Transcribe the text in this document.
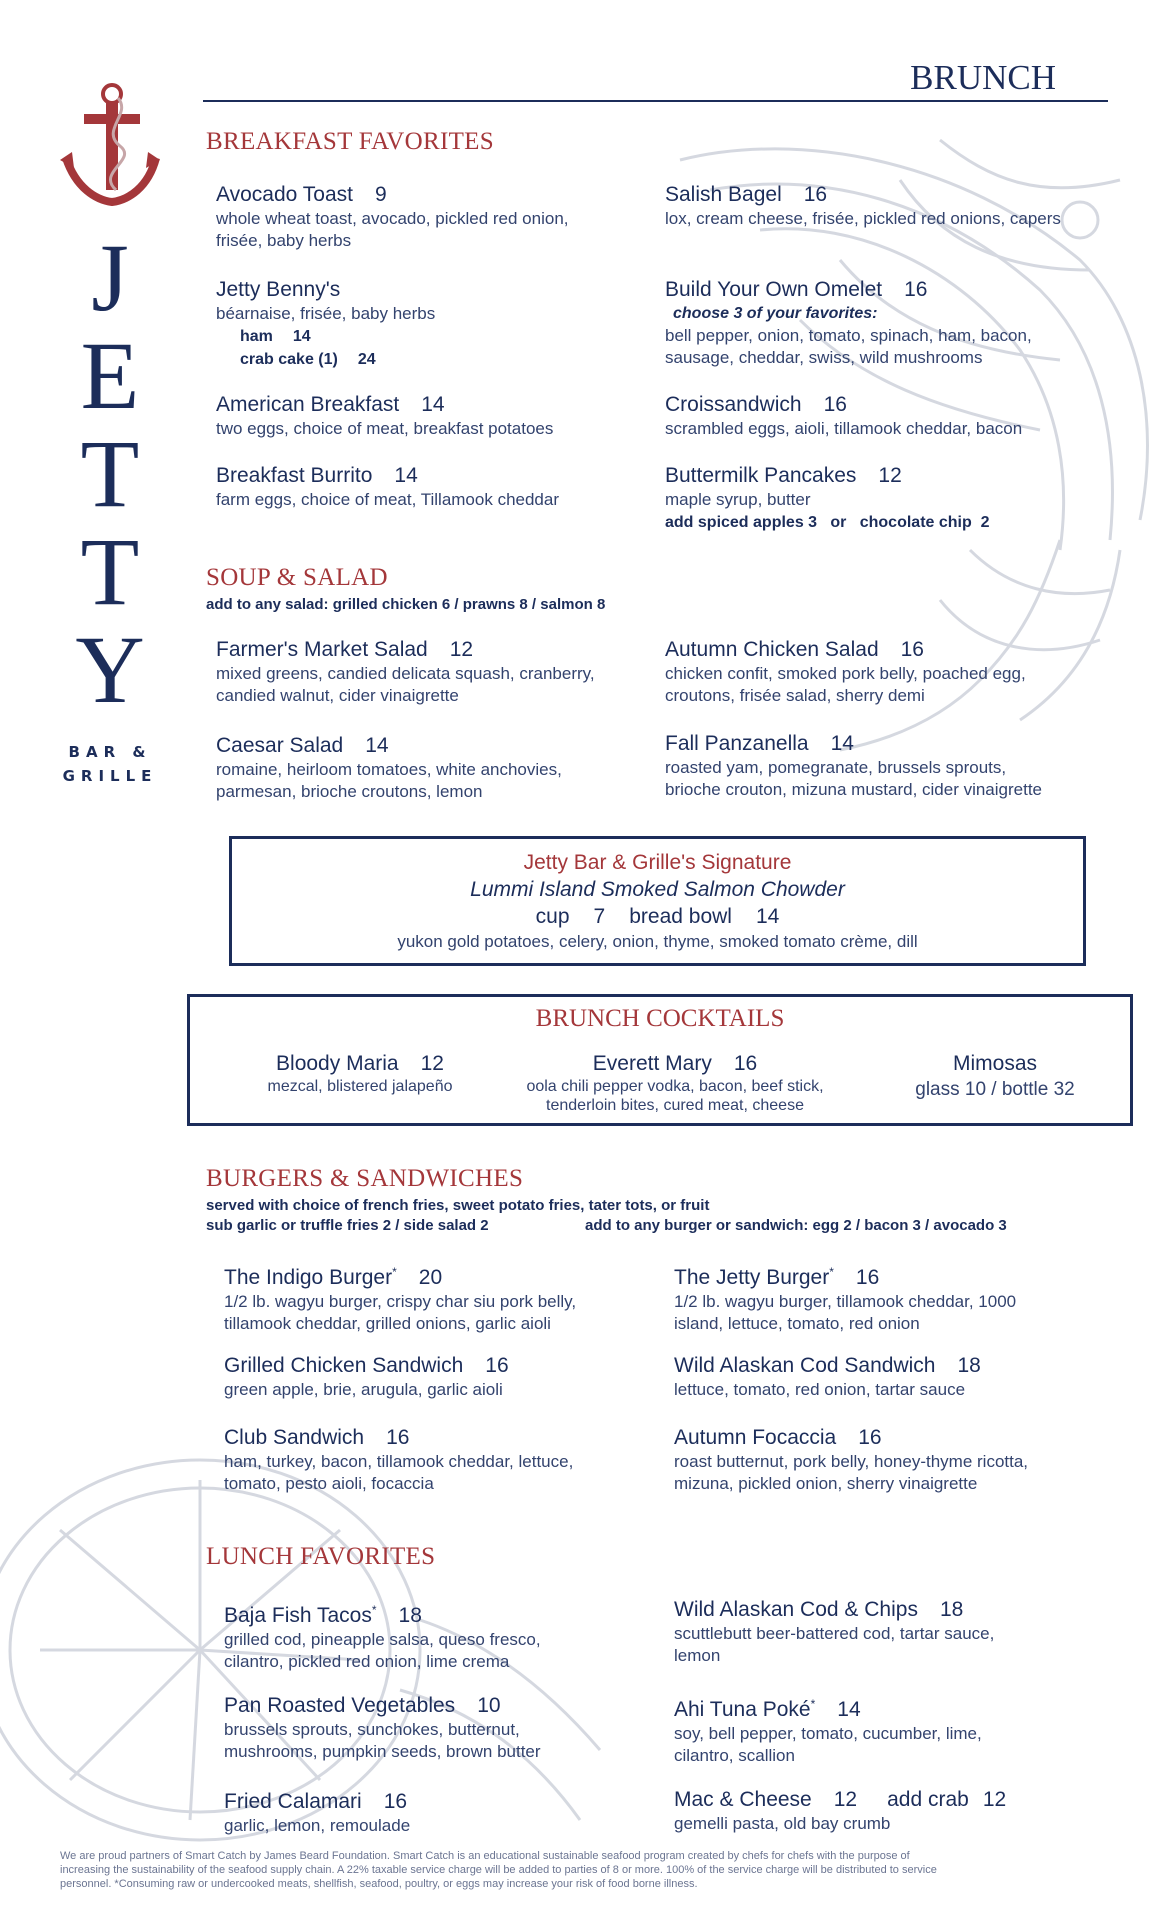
J
E
T
T
Y
BAR &
GRILLE
BRUNCH
BREAKFAST FAVORITES
Avocado Toast 9
whole wheat toast, avocado, pickled red onion,
frisée, baby herbs
Salish Bagel 16
lox, cream cheese, frisée, pickled red onions, capers
Jetty Benny's
béarnaise, frisée, baby herbs
ham 14
crab cake (1) 24
Build Your Own Omelet 16
choose 3 of your favorites:
bell pepper, onion, tomato, spinach, ham, bacon,
sausage, cheddar, swiss, wild mushrooms
American Breakfast 14
two eggs, choice of meat, breakfast potatoes
Croissandwich 16
scrambled eggs, aioli, tillamook cheddar, bacon
Breakfast Burrito 14
farm eggs, choice of meat, Tillamook cheddar
Buttermilk Pancakes 12
maple syrup, butter
add spiced apples 3   or   chocolate chip  2
SOUP & SALAD
add to any salad: grilled chicken 6 / prawns 8 / salmon 8
Farmer's Market Salad 12
mixed greens, candied delicata squash, cranberry,
candied walnut, cider vinaigrette
Autumn Chicken Salad 16
chicken confit, smoked pork belly, poached egg,
croutons, frisée salad, sherry demi
Caesar Salad 14
romaine, heirloom tomatoes, white anchovies,
parmesan, brioche croutons, lemon
Fall Panzanella 14
roasted yam, pomegranate, brussels sprouts,
brioche crouton, mizuna mustard, cider vinaigrette
Jetty Bar & Grille's Signature
Lummi Island Smoked Salmon Chowder
cup 7 bread bowl 14
yukon gold potatoes, celery, onion, thyme, smoked tomato crème, dill
BRUNCH COCKTAILS
Bloody Maria 12
mezcal, blistered jalapeño
Everett Mary 16
oola chili pepper vodka, bacon, beef stick,
tenderloin bites, cured meat, cheese
Mimosas
glass 10 / bottle 32
BURGERS & SANDWICHES
served with choice of french fries, sweet potato fries, tater tots, or fruit
sub garlic or truffle fries 2 / side salad 2	add to any burger or sandwich: egg 2 / bacon 3 / avocado 3
The Indigo Burger* 20
1/2 lb. wagyu burger, crispy char siu pork belly,
tillamook cheddar, grilled onions, garlic aioli
The Jetty Burger* 16
1/2 lb. wagyu burger, tillamook cheddar, 1000
island, lettuce, tomato, red onion
Grilled Chicken Sandwich 16
green apple, brie, arugula, garlic aioli
Wild Alaskan Cod Sandwich 18
lettuce, tomato, red onion, tartar sauce
Club Sandwich 16
ham, turkey, bacon, tillamook cheddar, lettuce,
tomato, pesto aioli, focaccia
Autumn Focaccia 16
roast butternut, pork belly, honey-thyme ricotta,
mizuna, pickled onion, sherry vinaigrette
LUNCH FAVORITES
Baja Fish Tacos* 18
grilled cod, pineapple salsa, queso fresco,
cilantro, pickled red onion, lime crema
Wild Alaskan Cod & Chips 18
scuttlebutt beer-battered cod, tartar sauce,
lemon
Pan Roasted Vegetables 10
brussels sprouts, sunchokes, butternut,
mushrooms, pumpkin seeds, brown butter
Ahi Tuna Poké* 14
soy, bell pepper, tomato, cucumber, lime,
cilantro, scallion
Fried Calamari 16
garlic, lemon, remoulade
Mac & Cheese 12 add crab 12
gemelli pasta, old bay crumb
We are proud partners of Smart Catch by James Beard Foundation. Smart Catch is an educational sustainable seafood program created by chefs for chefs with the purpose of
increasing the sustainability of the seafood supply chain. A 22% taxable service charge will be added to parties of 8 or more. 100% of the service charge will be distributed to service
personnel. *Consuming raw or undercooked meats, shellfish, seafood, poultry, or eggs may increase your risk of food borne illness.
